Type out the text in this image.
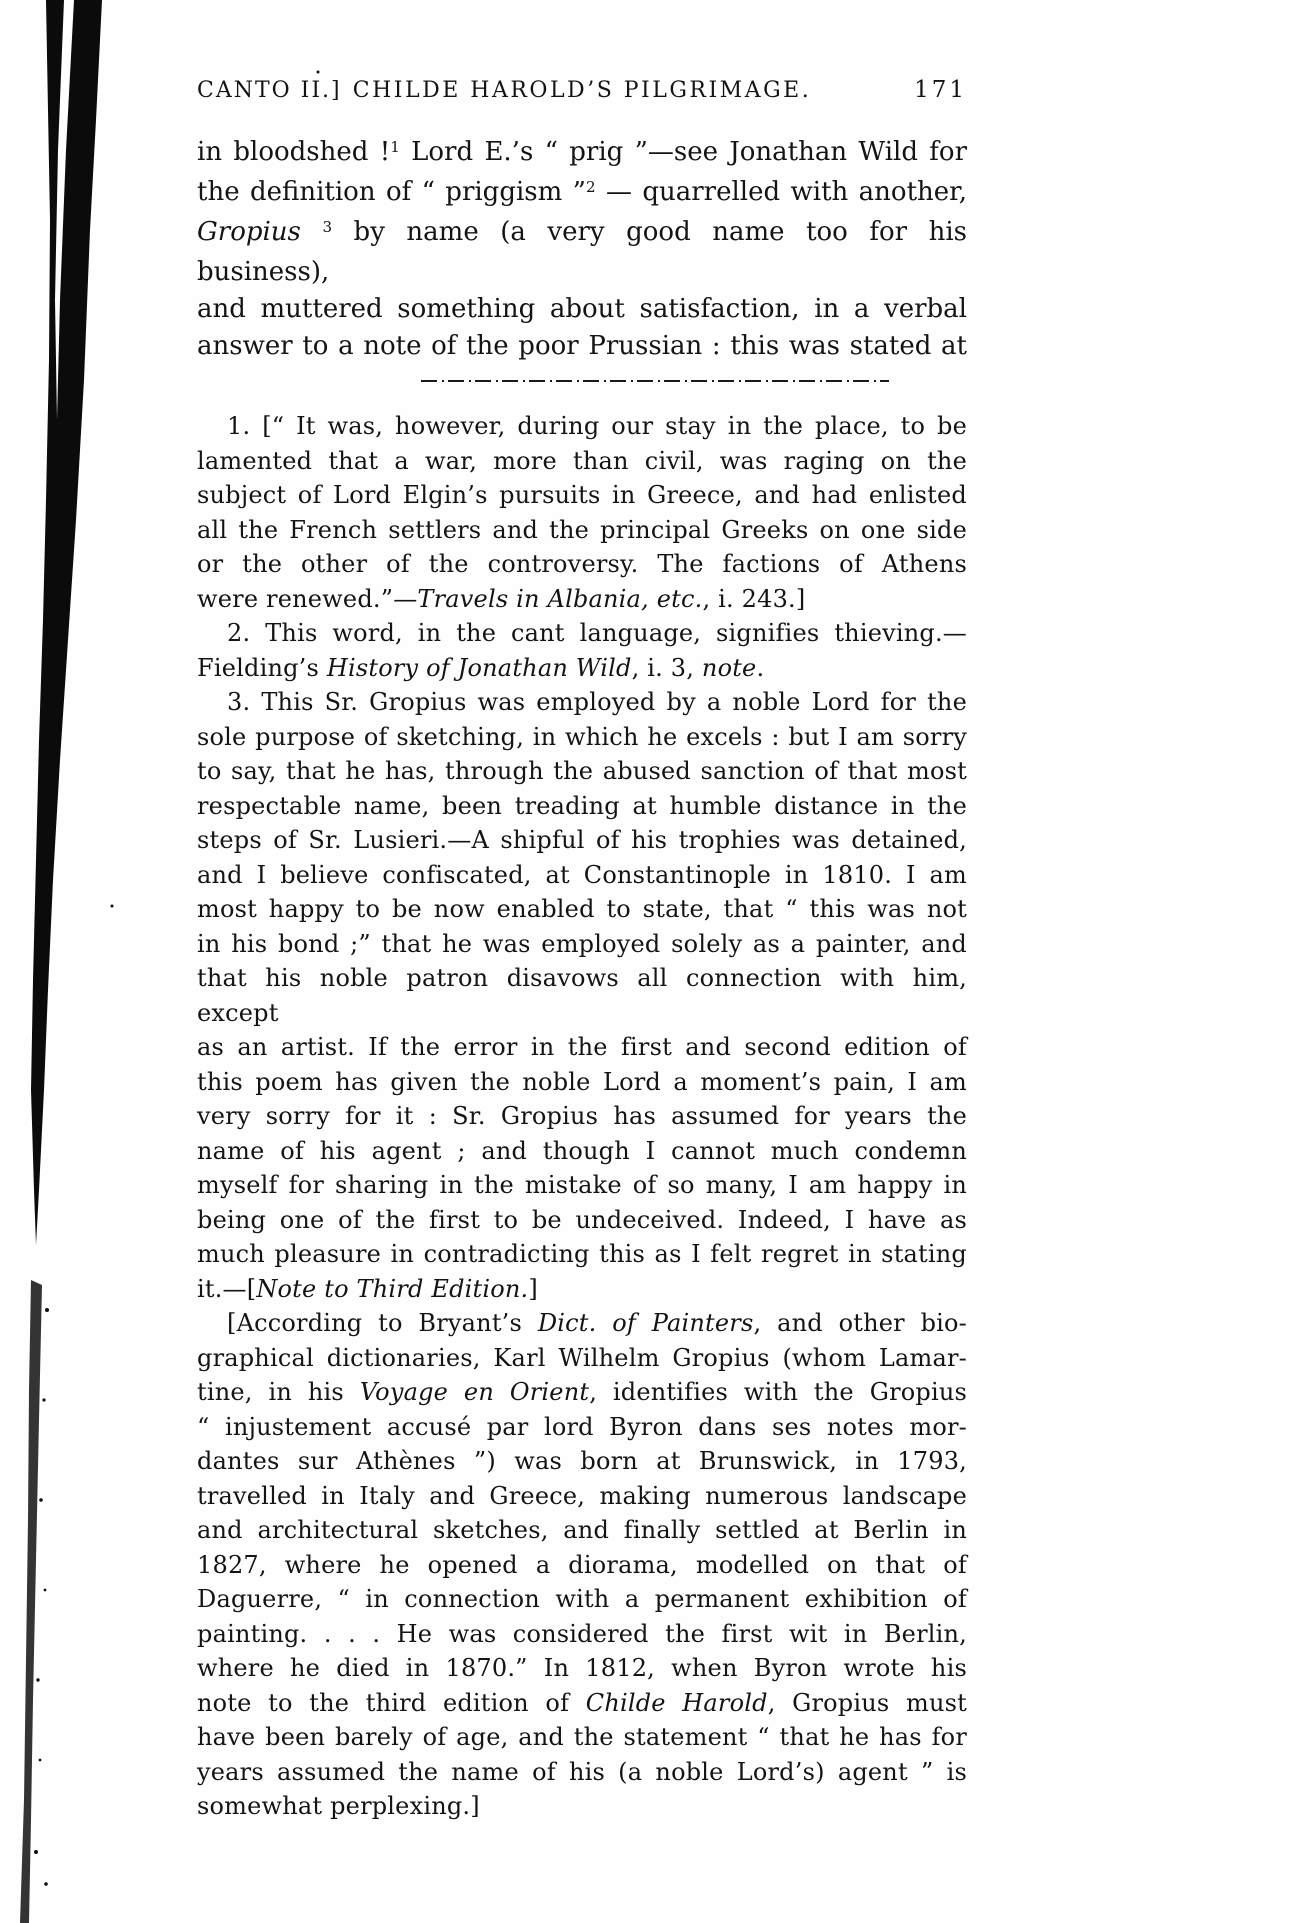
CANTO II.] CHILDE HAROLD’S PILGRIMAGE.	171
in bloodshed !$^1$ Lord E.’s “ prig ”—see Jonathan Wild for
the definition of “ priggism ”$^2$ — quarrelled with another,
Gropius $^3$ by name (a very good name too for his business),
and muttered something about satisfaction, in a verbal
answer to a note of the poor Prussian : this was stated at
1. [“ It was, however, during our stay in the place, to be
lamented that a war, more than civil, was raging on the
subject of Lord Elgin’s pursuits in Greece, and had enlisted
all the French settlers and the principal Greeks on one side
or the other of the controversy. The factions of Athens
were renewed.”—Travels in Albania, etc., i. 243.]
2. This word, in the cant language, signifies thieving.—
Fielding’s History of Jonathan Wild, i. 3, note.
3. This Sr. Gropius was employed by a noble Lord for the
sole purpose of sketching, in which he excels : but I am sorry
to say, that he has, through the abused sanction of that most
respectable name, been treading at humble distance in the
steps of Sr. Lusieri.—A shipful of his trophies was detained,
and I believe confiscated, at Constantinople in 1810. I am
most happy to be now enabled to state, that “ this was not
in his bond ;” that he was employed solely as a painter, and
that his noble patron disavows all connection with him, except
as an artist. If the error in the first and second edition of
this poem has given the noble Lord a moment’s pain, I am
very sorry for it : Sr. Gropius has assumed for years the
name of his agent ; and though I cannot much condemn
myself for sharing in the mistake of so many, I am happy in
being one of the first to be undeceived. Indeed, I have as
much pleasure in contradicting this as I felt regret in stating
it.—[Note to Third Edition.]
[According to Bryant’s Dict. of Painters, and other bio-
graphical dictionaries, Karl Wilhelm Gropius (whom Lamar-
tine, in his Voyage en Orient, identifies with the Gropius
“ injustement accusé par lord Byron dans ses notes mor-
dantes sur Athènes ”) was born at Brunswick, in 1793,
travelled in Italy and Greece, making numerous landscape
and architectural sketches, and finally settled at Berlin in
1827, where he opened a diorama, modelled on that of
Daguerre, “ in connection with a permanent exhibition of
painting. . . . He was considered the first wit in Berlin,
where he died in 1870.” In 1812, when Byron wrote his
note to the third edition of Childe Harold, Gropius must
have been barely of age, and the statement “ that he has for
years assumed the name of his (a noble Lord’s) agent ” is
somewhat perplexing.]
